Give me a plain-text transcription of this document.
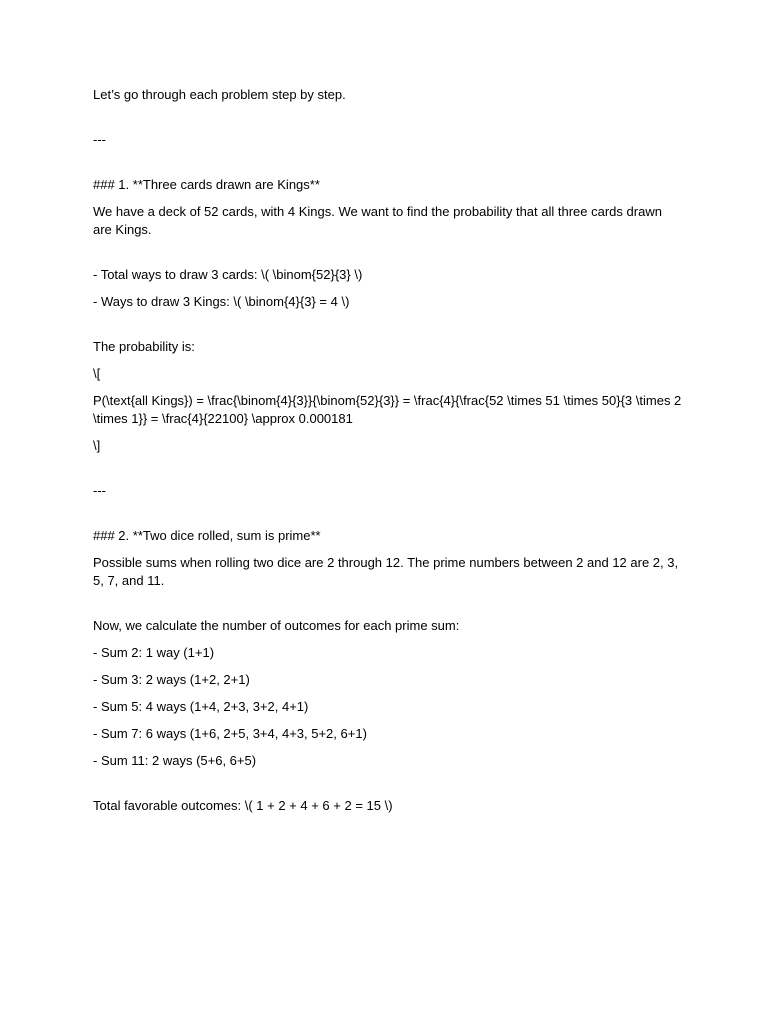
Let’s go through each problem step by step.

---

### 1. **Three cards drawn are Kings**

We have a deck of 52 cards, with 4 Kings. We want to find the probability that all three cards drawn are Kings.

- Total ways to draw 3 cards: \( \binom{52}{3} \)

- Ways to draw 3 Kings: \( \binom{4}{3} = 4 \)

The probability is:

\[

P(\text{all Kings}) = \frac{\binom{4}{3}}{\binom{52}{3}} = \frac{4}{\frac{52 \times 51 \times 50}{3 \times 2 \times 1}} = \frac{4}{22100} \approx 0.000181

\]

---

### 2. **Two dice rolled, sum is prime**

Possible sums when rolling two dice are 2 through 12. The prime numbers between 2 and 12 are 2, 3, 5, 7, and 11.

Now, we calculate the number of outcomes for each prime sum:

- Sum 2: 1 way (1+1)

- Sum 3: 2 ways (1+2, 2+1)

- Sum 5: 4 ways (1+4, 2+3, 3+2, 4+1)

- Sum 7: 6 ways (1+6, 2+5, 3+4, 4+3, 5+2, 6+1)

- Sum 11: 2 ways (5+6, 6+5)

Total favorable outcomes: \( 1 + 2 + 4 + 6 + 2 = 15 \)
